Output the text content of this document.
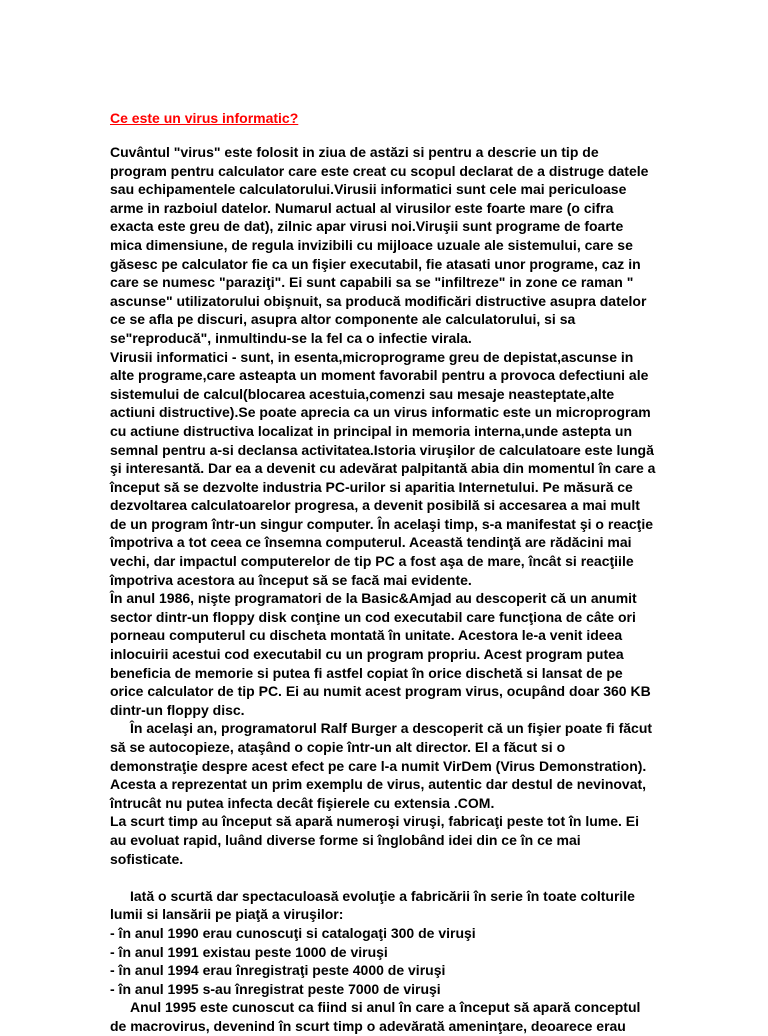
Ce este un virus informatic?

Cuvântul "virus" este folosit in ziua de astăzi si pentru a descrie un tip de
program pentru calculator care este creat cu scopul declarat de a distruge datele
sau echipamentele calculatorului.Virusii informatici sunt cele mai periculoase
arme in razboiul datelor. Numarul actual al virusilor este foarte mare (o cifra
exacta este greu de dat), zilnic apar virusi noi.Viruşii sunt programe de foarte
mica dimensiune, de regula invizibili cu mijloace uzuale ale sistemului, care se
găsesc pe calculator fie ca un fişier executabil, fie atasati unor programe, caz in
care se numesc "paraziţi". Ei sunt capabili sa se "infiltreze" in zone ce raman "
ascunse" utilizatorului obişnuit, sa producă modificări distructive asupra datelor
ce se afla pe discuri, asupra altor componente ale calculatorului, si sa
se"reproducă", inmultindu-se la fel ca o infectie virala.

Virusii informatici - sunt, in esenta,microprograme greu de depistat,ascunse in
alte programe,care asteapta un moment favorabil pentru a provoca defectiuni ale
sistemului de calcul(blocarea acestuia,comenzi sau mesaje neasteptate,alte
actiuni distructive).Se poate aprecia ca un virus informatic este un microprogram
cu actiune distructiva localizat in principal in memoria interna,unde astepta un
semnal pentru a-si declansa activitatea.Istoria viruşilor de calculatoare este lungă
şi interesantă. Dar ea a devenit cu adevărat palpitantă abia din momentul în care a
început să se dezvolte industria PC-urilor si aparitia Internetului. Pe măsură ce
dezvoltarea calculatoarelor progresa, a devenit posibilă si accesarea a mai mult
de un program într-un singur computer. În acelaşi timp, s-a manifestat şi o reacţie
împotriva a tot ceea ce însemna computerul. Această tendinţă are rădăcini mai
vechi, dar impactul computerelor de tip PC a fost aşa de mare, încât si reacţiile
împotriva acestora au început să se facă mai evidente.

În anul 1986, nişte programatori de la Basic&Amjad au descoperit că un anumit
sector dintr-un floppy disk conţine un cod executabil care funcţiona de câte ori
porneau computerul cu discheta montată în unitate. Acestora le-a venit ideea
inlocuirii acestui cod executabil cu un program propriu. Acest program putea
beneficia de memorie si putea fi astfel copiat în orice dischetă si lansat de pe
orice calculator de tip PC. Ei au numit acest program virus, ocupând doar 360 KB
dintr-un floppy disc.

În acelaşi an, programatorul Ralf Burger a descoperit că un fişier poate fi făcut
să se autocopieze, ataşând o copie într-un alt director. El a făcut si o
demonstraţie despre acest efect pe care l-a numit VirDem (Virus Demonstration).
Acesta a reprezentat un prim exemplu de virus, autentic dar destul de nevinovat,
întrucât nu putea infecta decât fişierele cu extensia .COM.

La scurt timp au început să apară numeroşi viruşi, fabricaţi peste tot în lume. Ei
au evoluat rapid, luând diverse forme si înglobând idei din ce în ce mai
sofisticate.

Iată o scurtă dar spectaculoasă evoluţie a fabricării în serie în toate colturile
lumii si lansării pe piaţă a viruşilor:

- în anul 1990 erau cunoscuţi si catalogaţi 300 de viruşi
- în anul 1991 existau peste 1000 de viruşi
- în anul 1994 erau înregistraţi peste 4000 de viruşi
- în anul 1995 s-au înregistrat peste 7000 de viruşi

Anul 1995 este cunoscut ca fiind si anul în care a început să apară conceptul
de macrovirus, devenind în scurt timp o adevărată ameninţare, deoarece erau
